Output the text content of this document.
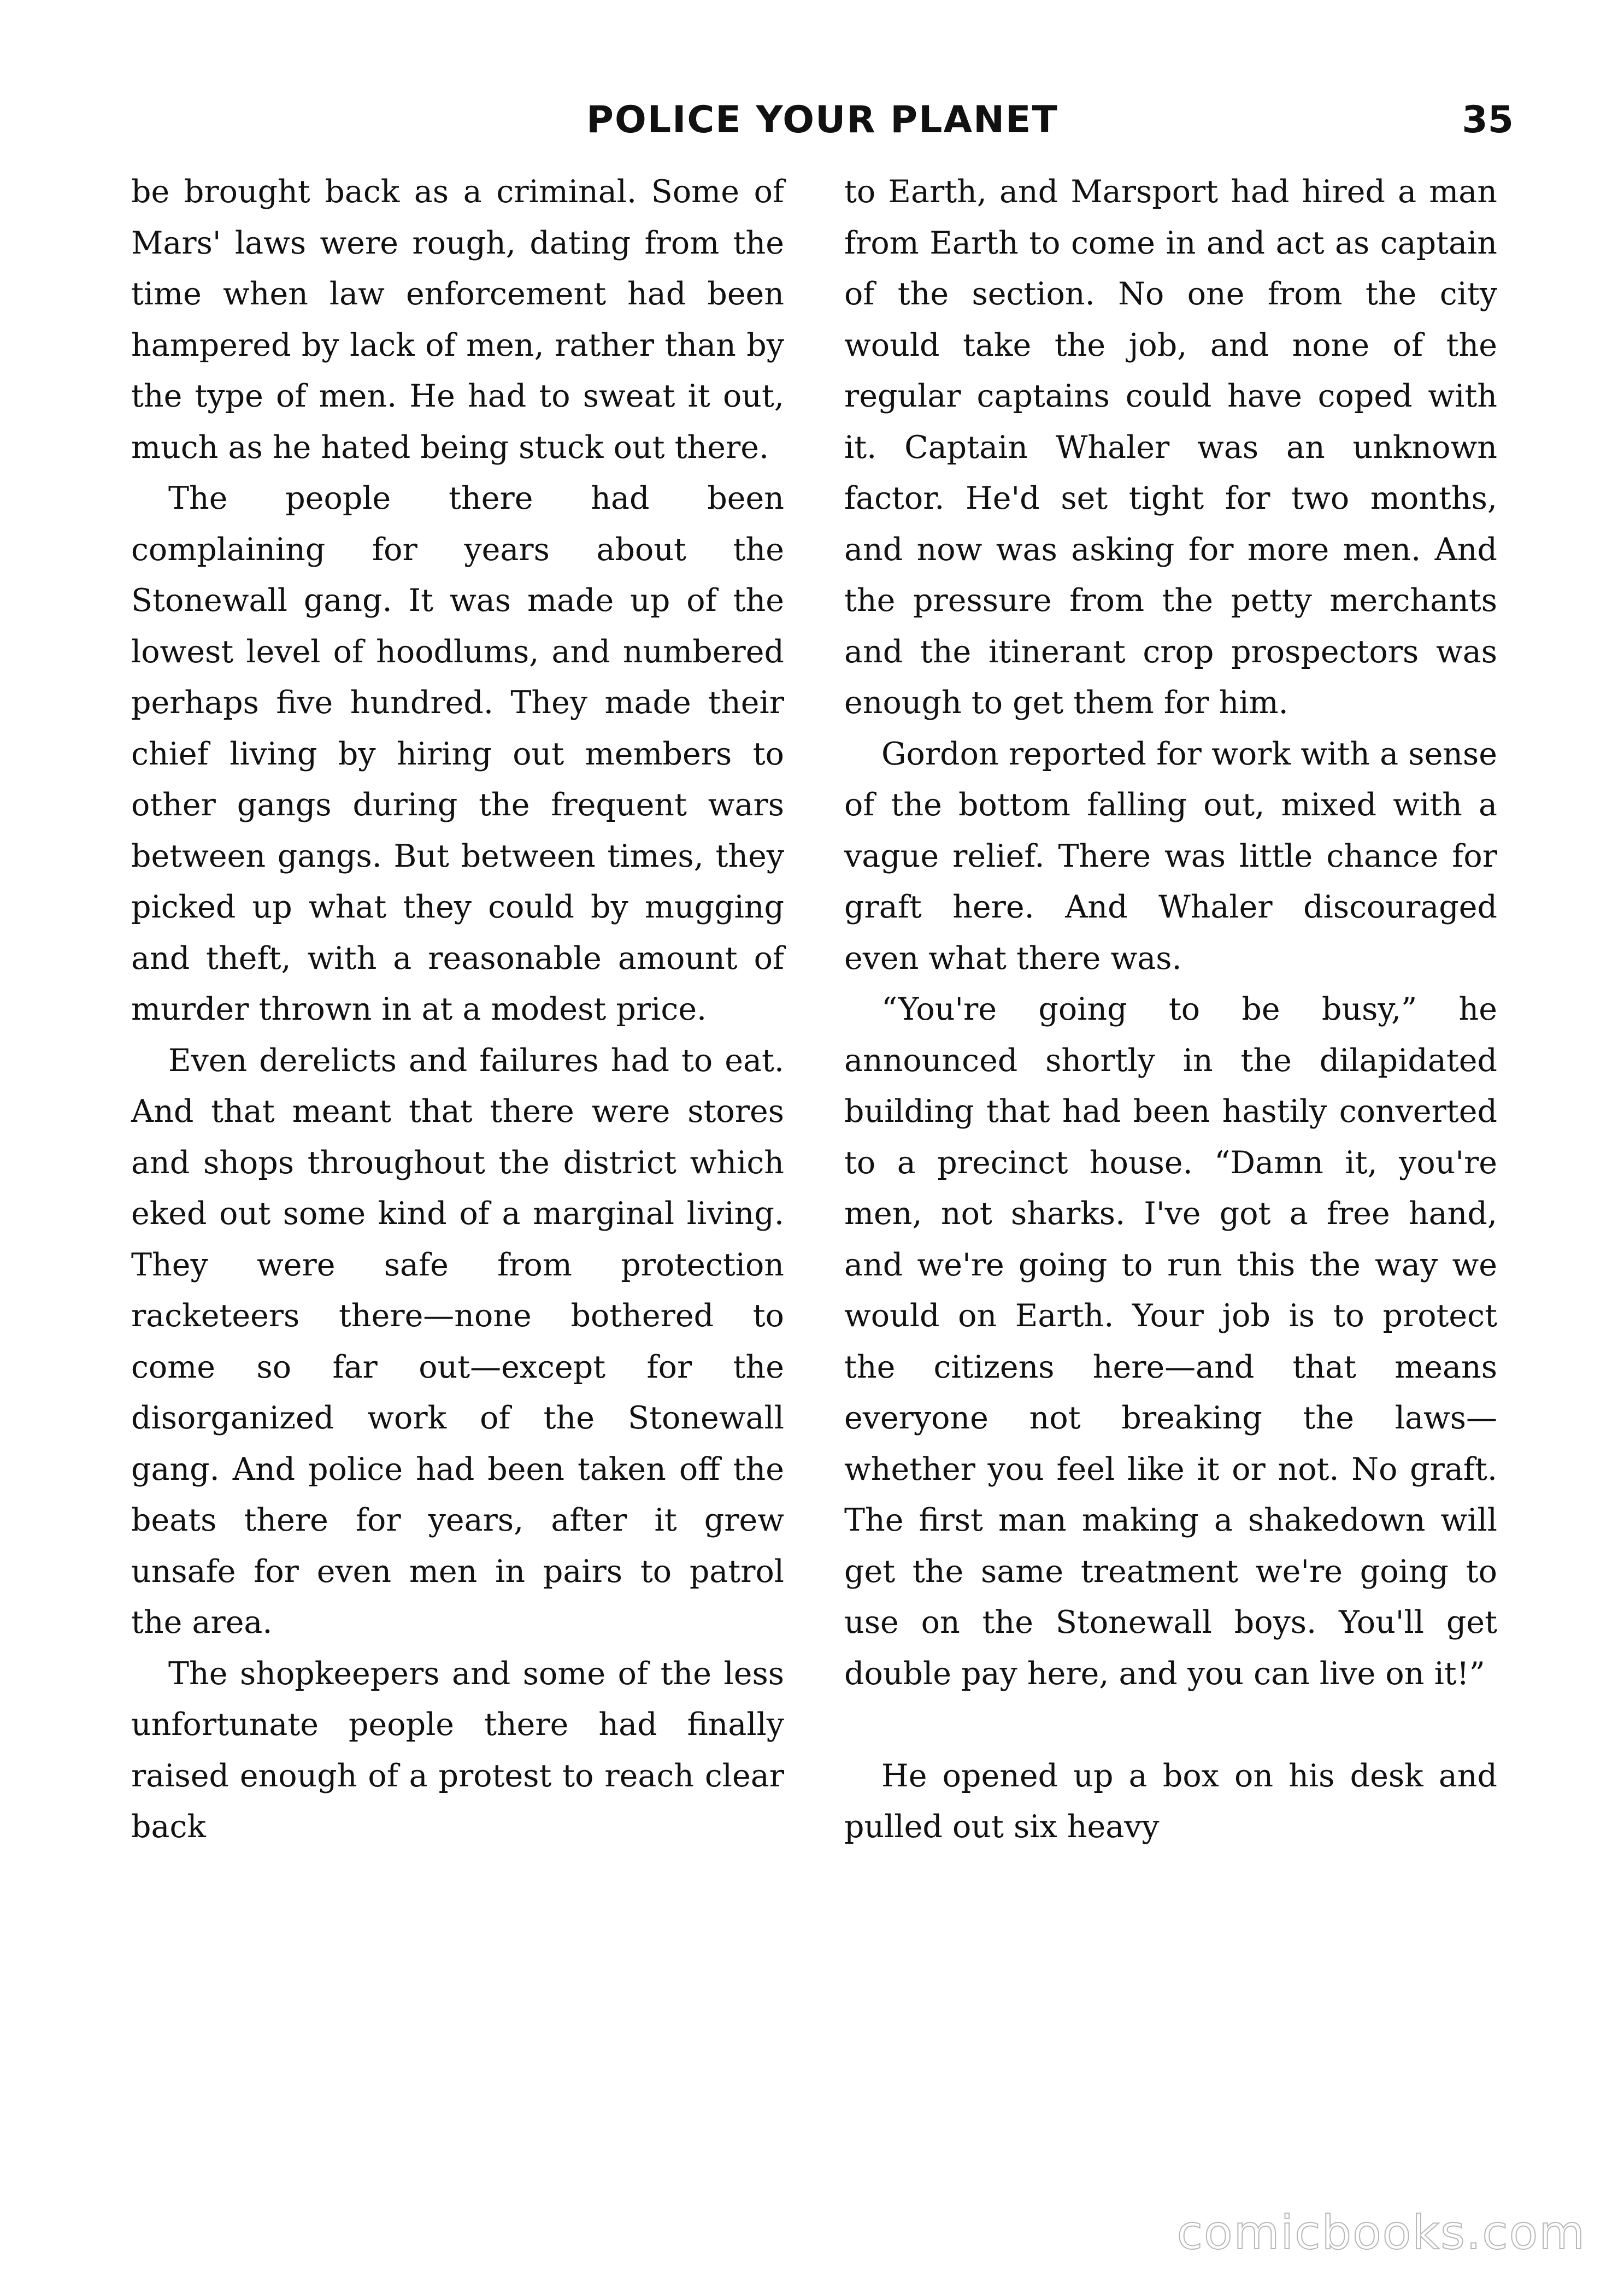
POLICE YOUR PLANET	35

be brought back as a criminal. Some of Mars' laws were rough, dating from the time when law enforcement had been hampered by lack of men, rather than by the type of men. He had to sweat it out, much as he hated being stuck out there.

The people there had been complaining for years about the Stonewall gang. It was made up of the lowest level of hoodlums, and numbered perhaps five hundred. They made their chief living by hiring out members to other gangs during the frequent wars between gangs. But between times, they picked up what they could by mugging and theft, with a reasonable amount of murder thrown in at a modest price.

Even derelicts and failures had to eat. And that meant that there were stores and shops throughout the district which eked out some kind of a marginal living. They were safe from protection racketeers there—none bothered to come so far out—except for the disorganized work of the Stonewall gang. And police had been taken off the beats there for years, after it grew unsafe for even men in pairs to patrol the area.

The shopkeepers and some of the less unfortunate people there had finally raised enough of a protest to reach clear back

to Earth, and Marsport had hired a man from Earth to come in and act as captain of the section. No one from the city would take the job, and none of the regular captains could have coped with it. Captain Whaler was an unknown factor. He'd set tight for two months, and now was asking for more men. And the pressure from the petty merchants and the itinerant crop prospectors was enough to get them for him.

Gordon reported for work with a sense of the bottom falling out, mixed with a vague relief. There was little chance for graft here. And Whaler discouraged even what there was.

“You're going to be busy,” he announced shortly in the dilapidated building that had been hastily converted to a precinct house. “Damn it, you're men, not sharks. I've got a free hand, and we're going to run this the way we would on Earth. Your job is to protect the citizens here—and that means everyone not breaking the laws—whether you feel like it or not. No graft. The first man making a shakedown will get the same treatment we're going to use on the Stonewall boys. You'll get double pay here, and you can live on it!”

He opened up a box on his desk and pulled out six heavy

comicbooks.com
